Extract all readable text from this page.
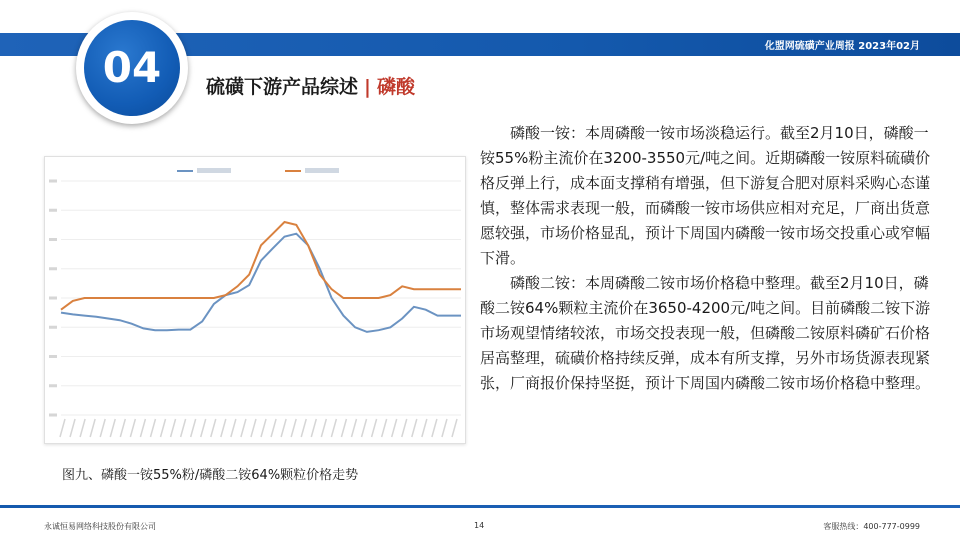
化盟网硫磺产业周报 2023年02月
04	硫磺下游产品综述 | 磷酸
图九、磷酸一铵55%粉/磷酸二铵64%颗粒价格走势

磷酸一铵：本周磷酸一铵市场淡稳运行。截至2月10日，磷酸一铵55%粉主流价在3200-3550元/吨之间。近期磷酸一铵原料硫磺价格反弹上行，成本面支撑稍有增强，但下游复合肥对原料采购心态谨慎，整体需求表现一般，而磷酸一铵市场供应相对充足，厂商出货意愿较强，市场价格显乱，预计下周国内磷酸一铵市场交投重心或窄幅下滑。

磷酸二铵：本周磷酸二铵市场价格稳中整理。截至2月10日，磷酸二铵64%颗粒主流价在3650-4200元/吨之间。目前磷酸二铵下游市场观望情绪较浓，市场交投表现一般，但磷酸二铵原料磷矿石价格居高整理，硫磺价格持续反弹，成本有所支撑，另外市场货源表现紧张，厂商报价保持坚挺，预计下周国内磷酸二铵市场价格稳中整理。

永诚恒易网络科技股份有限公司	14	客服热线：400-777-0999
